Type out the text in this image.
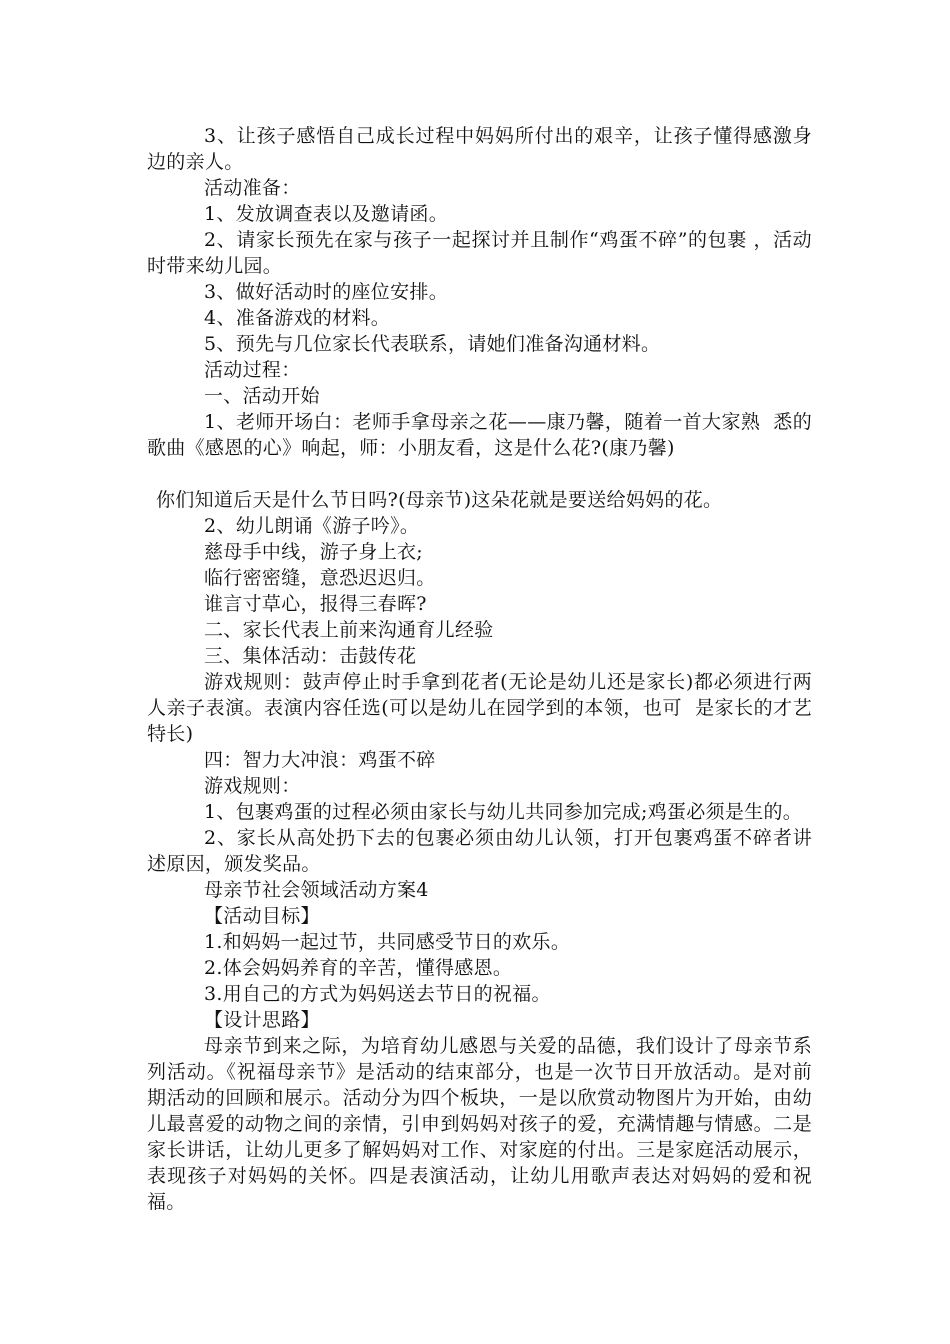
3、让孩子感悟自己成长过程中妈妈所付出的艰辛，让孩子懂得感激身边的亲人。

活动准备：

1、发放调查表以及邀请函。

2、请家长预先在家与孩子一起探讨并且制作“鸡蛋不碎”的包裹 ，活动时带来幼儿园。

3、做好活动时的座位安排。

4、准备游戏的材料。

5、预先与几位家长代表联系，请她们准备沟通材料。

活动过程：

一、活动开始

1、老师开场白：老师手拿母亲之花——康乃馨，随着一首大家熟  悉的歌曲《感恩的心》响起，师：小朋友看，这是什么花?(康乃馨)

你们知道后天是什么节日吗?(母亲节)这朵花就是要送给妈妈的花。

2、幼儿朗诵《游子吟》。

慈母手中线，游子身上衣;

临行密密缝，意恐迟迟归。

谁言寸草心，报得三春晖?

二、家长代表上前来沟通育儿经验

三、集体活动：击鼓传花

游戏规则：鼓声停止时手拿到花者(无论是幼儿还是家长)都必须进行两人亲子表演。表演内容任选(可以是幼儿在园学到的本领，也可  是家长的才艺特长)

四：智力大冲浪：鸡蛋不碎

游戏规则：

1、包裹鸡蛋的过程必须由家长与幼儿共同参加完成;鸡蛋必须是生的。

2、家长从高处扔下去的包裹必须由幼儿认领，打开包裹鸡蛋不碎者讲述原因，颁发奖品。

母亲节社会领域活动方案4

【活动目标】

1.和妈妈一起过节，共同感受节日的欢乐。

2.体会妈妈养育的辛苦，懂得感恩。

3.用自己的方式为妈妈送去节日的祝福。

【设计思路】

母亲节到来之际，为培育幼儿感恩与关爱的品德，我们设计了母亲节系列活动。《祝福母亲节》是活动的结束部分，也是一次节日开放活动。是对前期活动的回顾和展示。活动分为四个板块，一是以欣赏动物图片为开始，由幼儿最喜爱的动物之间的亲情，引申到妈妈对孩子的爱，充满情趣与情感。二是家长讲话，让幼儿更多了解妈妈对工作、对家庭的付出。三是家庭活动展示，表现孩子对妈妈的关怀。四是表演活动，让幼儿用歌声表达对妈妈的爱和祝福。
